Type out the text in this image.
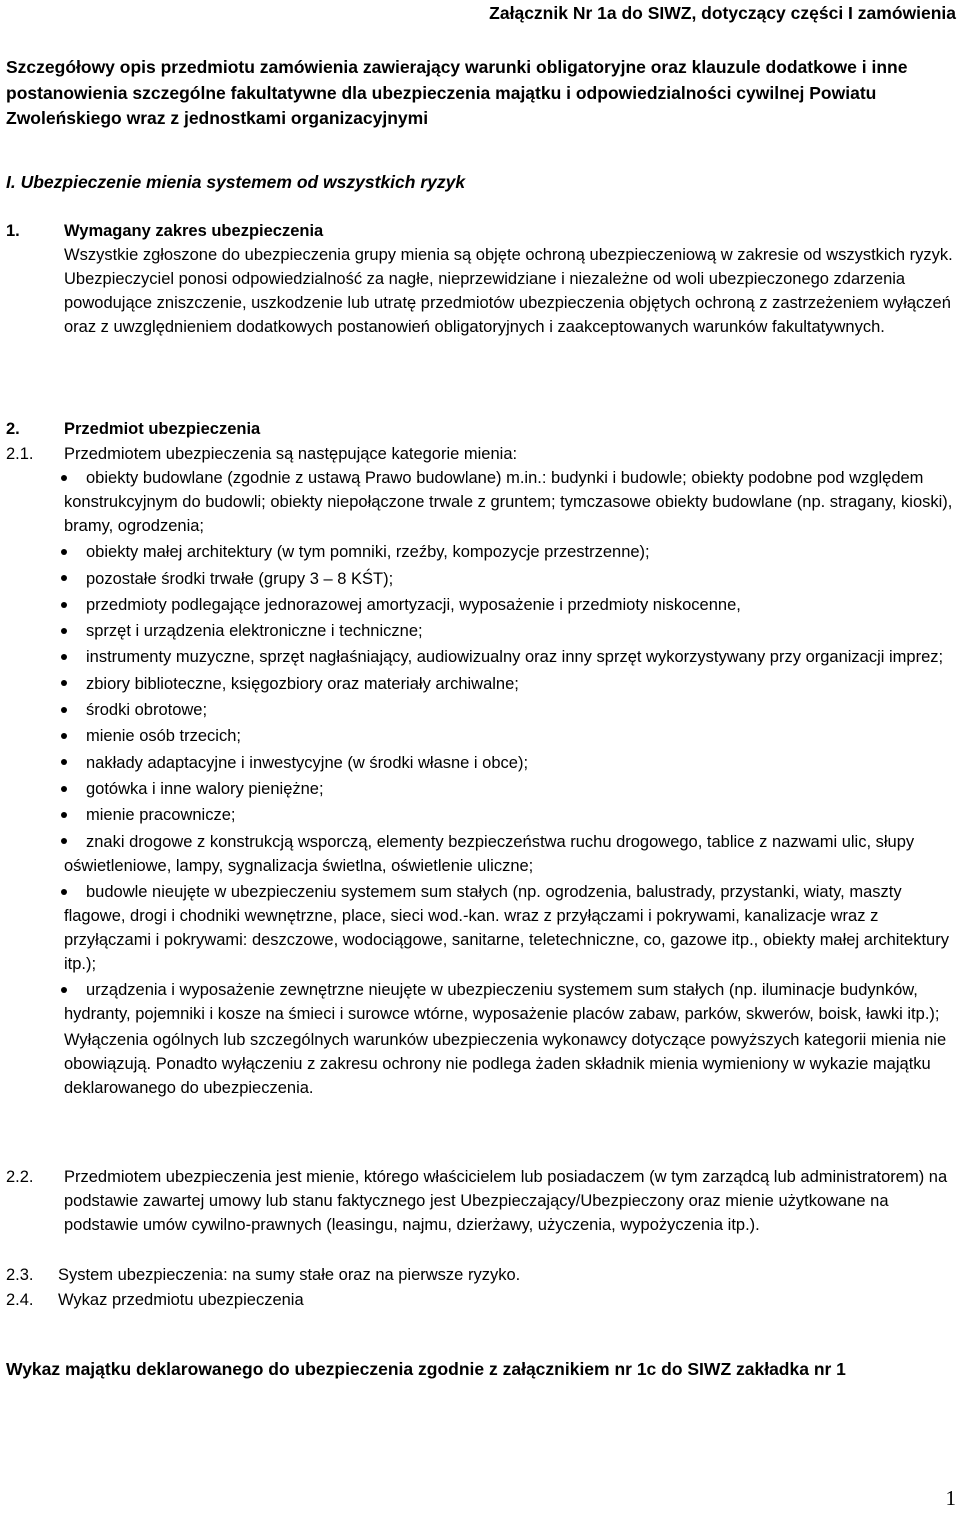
Załącznik Nr 1a do SIWZ, dotyczący części I zamówienia
Szczegółowy opis przedmiotu zamówienia zawierający warunki obligatoryjne oraz klauzule dodatkowe i inne postanowienia szczególne fakultatywne dla ubezpieczenia majątku i odpowiedzialności cywilnej Powiatu Zwoleńskiego wraz z jednostkami organizacyjnymi
I. Ubezpieczenie mienia systemem od wszystkich ryzyk
1.	Wymagany zakres ubezpieczenia
Wszystkie zgłoszone do ubezpieczenia grupy mienia są objęte ochroną ubezpieczeniową w zakresie od wszystkich ryzyk. Ubezpieczyciel ponosi odpowiedzialność za nagłe, nieprzewidziane i niezależne od woli ubezpieczonego zdarzenia powodujące zniszczenie, uszkodzenie lub utratę przedmiotów ubezpieczenia objętych ochroną z zastrzeżeniem wyłączeń oraz z uwzględnieniem dodatkowych postanowień obligatoryjnych i zaakceptowanych warunków fakultatywnych.
2.	Przedmiot ubezpieczenia
2.1. Przedmiotem ubezpieczenia są następujące kategorie mienia:
obiekty budowlane (zgodnie z ustawą Prawo budowlane) m.in.: budynki i budowle; obiekty podobne pod względem konstrukcyjnym do budowli; obiekty niepołączone trwale z gruntem; tymczasowe obiekty budowlane (np. stragany, kioski), bramy, ogrodzenia;
obiekty małej architektury (w tym pomniki, rzeźby, kompozycje przestrzenne);
pozostałe środki trwałe (grupy 3 – 8 KŚT);
przedmioty podlegające jednorazowej amortyzacji, wyposażenie i przedmioty niskocenne,
sprzęt i urządzenia elektroniczne i techniczne;
instrumenty muzyczne, sprzęt nagłaśniający, audiowizualny oraz inny sprzęt wykorzystywany przy organizacji imprez;
zbiory biblioteczne, księgozbiory oraz materiały archiwalne;
środki obrotowe;
mienie osób trzecich;
nakłady adaptacyjne i inwestycyjne (w środki własne i obce);
gotówka i inne walory pieniężne;
mienie pracownicze;
znaki drogowe z konstrukcją wsporczą, elementy bezpieczeństwa ruchu drogowego, tablice z nazwami ulic, słupy oświetleniowe, lampy, sygnalizacja świetlna, oświetlenie uliczne;
budowle nieujęte w ubezpieczeniu systemem sum stałych (np. ogrodzenia, balustrady, przystanki, wiaty, maszty flagowe, drogi i chodniki wewnętrzne, place, sieci wod.-kan. wraz z przyłączami i pokrywami, kanalizacje wraz z przyłączami i pokrywami: deszczowe, wodociągowe, sanitarne, teletechniczne, co, gazowe itp., obiekty małej architektury itp.);
urządzenia i wyposażenie zewnętrzne nieujęte w ubezpieczeniu systemem sum stałych (np. iluminacje budynków, hydranty, pojemniki i kosze na śmieci i surowce wtórne, wyposażenie placów zabaw, parków, skwerów, boisk, ławki itp.);
Wyłączenia ogólnych lub szczególnych warunków ubezpieczenia wykonawcy dotyczące powyższych kategorii mienia nie obowiązują. Ponadto wyłączeniu z zakresu ochrony nie podlega żaden składnik mienia wymieniony w wykazie majątku deklarowanego do ubezpieczenia.
2.2. Przedmiotem ubezpieczenia jest mienie, którego właścicielem lub posiadaczem (w tym zarządcą lub administratorem) na podstawie zawartej umowy lub stanu faktycznego jest Ubezpieczający/Ubezpieczony oraz mienie użytkowane na podstawie umów cywilno-prawnych (leasingu, najmu, dzierżawy, użyczenia, wypożyczenia itp.).
2.3. System ubezpieczenia: na sumy stałe oraz na pierwsze ryzyko.
2.4. Wykaz przedmiotu ubezpieczenia
Wykaz majątku deklarowanego do ubezpieczenia zgodnie z załącznikiem nr 1c do SIWZ zakładka nr 1
1
